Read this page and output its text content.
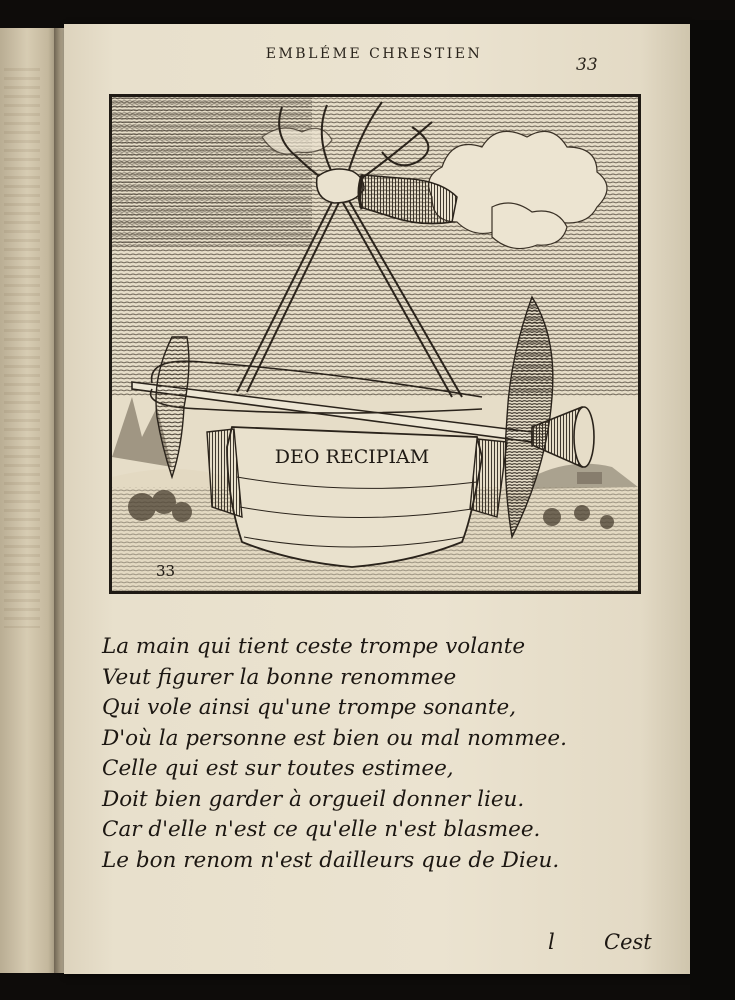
EMBLÉME CHRESTIEN
33
DEO RECIPIAM
33
La main qui tient ceste trompe volante
Veut figurer la bonne renommee
Qui vole ainsi qu'une trompe sonante,
D'où la personne est bien ou mal nommee.
Celle qui est sur toutes estimee,
Doit bien garder à orgueil donner lieu.
Car d'elle n'est ce qu'elle n'est blasmee.
Le bon renom n'est dailleurs que de Dieu.
l Cest
